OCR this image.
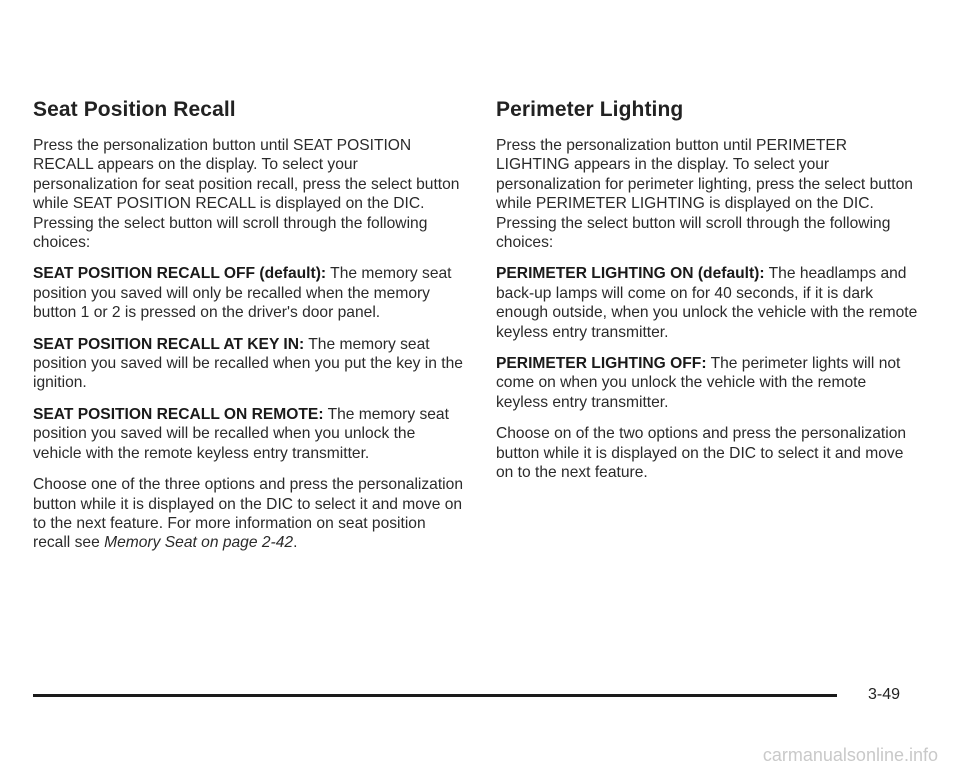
Seat Position Recall

Press the personalization button until SEAT POSITION RECALL appears on the display. To select your personalization for seat position recall, press the select button while SEAT POSITION RECALL is displayed on the DIC. Pressing the select button will scroll through the following choices:

SEAT POSITION RECALL OFF (default): The memory seat position you saved will only be recalled when the memory button 1 or 2 is pressed on the driver's door panel.

SEAT POSITION RECALL AT KEY IN: The memory seat position you saved will be recalled when you put the key in the ignition.

SEAT POSITION RECALL ON REMOTE: The memory seat position you saved will be recalled when you unlock the vehicle with the remote keyless entry transmitter.

Choose one of the three options and press the personalization button while it is displayed on the DIC to select it and move on to the next feature. For more information on seat position recall see Memory Seat on page 2-42.

Perimeter Lighting

Press the personalization button until PERIMETER LIGHTING appears in the display. To select your personalization for perimeter lighting, press the select button while PERIMETER LIGHTING is displayed on the DIC. Pressing the select button will scroll through the following choices:

PERIMETER LIGHTING ON (default): The headlamps and back-up lamps will come on for 40 seconds, if it is dark enough outside, when you unlock the vehicle with the remote keyless entry transmitter.

PERIMETER LIGHTING OFF: The perimeter lights will not come on when you unlock the vehicle with the remote keyless entry transmitter.

Choose on of the two options and press the personalization button while it is displayed on the DIC to select it and move on to the next feature.

3-49
carmanualsonline.info
